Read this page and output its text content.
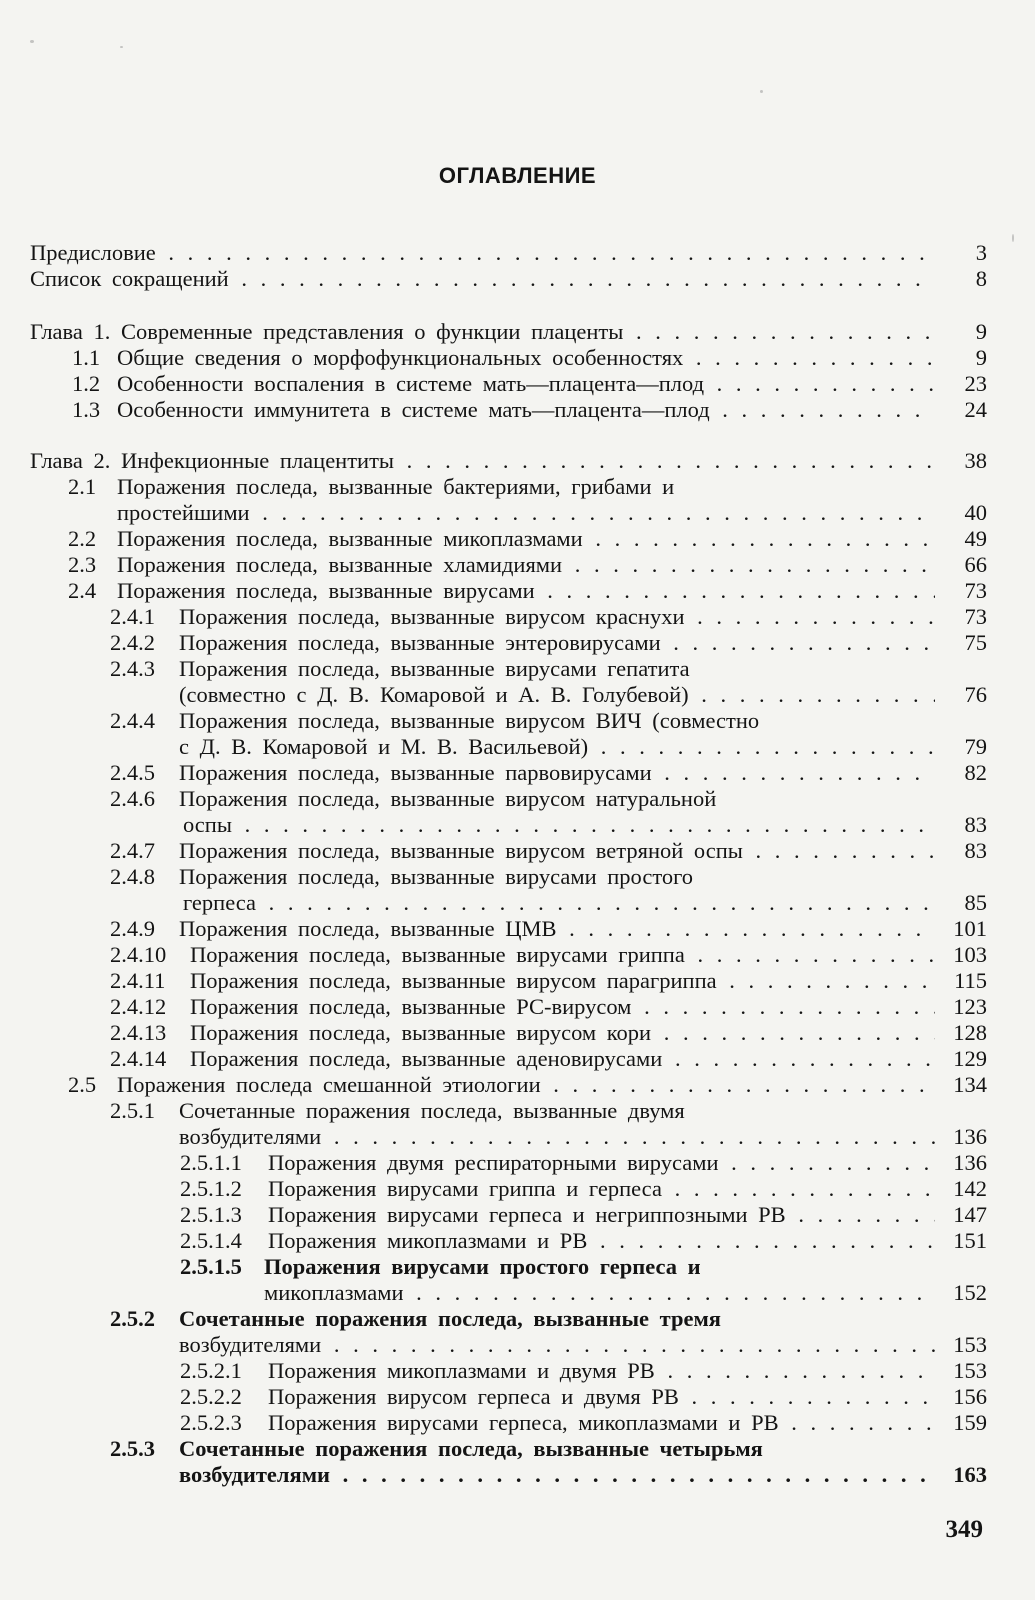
ОГЛАВЛЕНИЕ
Предисловие . . .	3
Список сокращений . . .	8
Глава 1. Современные представления о функции плаценты . . .	9
1.1 Общие сведения о морфофункциональных особенностях . . .	9
1.2 Особенности воспаления в системе мать—плацента—плод . . .	23
1.3 Особенности иммунитета в системе мать—плацента—плод . . .	24
Глава 2. Инфекционные плацентиты . . .	38
2.1 Поражения последа, вызванные бактериями, грибами и
простейшими . . .	40
2.2 Поражения последа, вызванные микоплазмами . . .	49
2.3 Поражения последа, вызванные хламидиями . . .	66
2.4 Поражения последа, вызванные вирусами . . .	73
2.4.1 Поражения последа, вызванные вирусом краснухи . . .	73
2.4.2 Поражения последа, вызванные энтеровирусами . . .	75
2.4.3 Поражения последа, вызванные вирусами гепатита
(совместно с Д. В. Комаровой и А. В. Голубевой) . . .	76
2.4.4 Поражения последа, вызванные вирусом ВИЧ (совместно
с Д. В. Комаровой и М. В. Васильевой) . . .	79
2.4.5 Поражения последа, вызванные парвовирусами . . .	82
2.4.6 Поражения последа, вызванные вирусом натуральной
оспы . . .	83
2.4.7 Поражения последа, вызванные вирусом ветряной оспы . . .	83
2.4.8 Поражения последа, вызванные вирусами простого
герпеса . . .	85
2.4.9 Поражения последа, вызванные ЦМВ . . .	101
2.4.10 Поражения последа, вызванные вирусами гриппа . . .	103
2.4.11 Поражения последа, вызванные вирусом парагриппа . . .	115
2.4.12 Поражения последа, вызванные РС-вирусом . . .	123
2.4.13 Поражения последа, вызванные вирусом кори . . .	128
2.4.14 Поражения последа, вызванные аденовирусами . . .	129
2.5 Поражения последа смешанной этиологии . . .	134
2.5.1 Сочетанные поражения последа, вызванные двумя
возбудителями . . .	136
2.5.1.1 Поражения двумя респираторными вирусами . . .	136
2.5.1.2 Поражения вирусами гриппа и герпеса . . .	142
2.5.1.3 Поражения вирусами герпеса и негриппозными РВ . . .	147
2.5.1.4 Поражения микоплазмами и РВ . . .	151
2.5.1.5 Поражения вирусами простого герпеса и
микоплазмами . . .	152
2.5.2 Сочетанные поражения последа, вызванные тремя
возбудителями . . .	153
2.5.2.1 Поражения микоплазмами и двумя РВ . . .	153
2.5.2.2 Поражения вирусом герпеса и двумя РВ . . .	156
2.5.2.3 Поражения вирусами герпеса, микоплазмами и РВ . . .	159
2.5.3 Сочетанные поражения последа, вызванные четырьмя
возбудителями . . .	163
349
